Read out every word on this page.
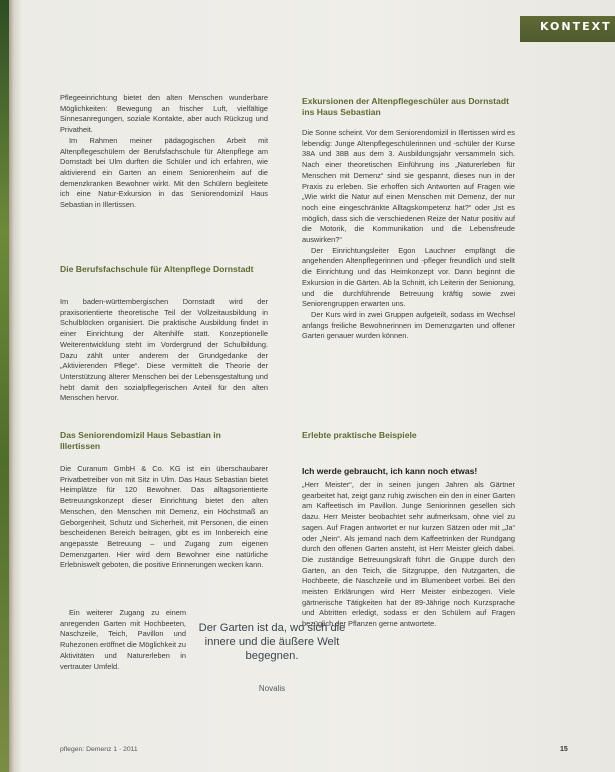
KONTEXT

Pflegeeinrichtung bietet den alten Menschen wunderbare Möglichkeiten: Bewegung an frischer Luft, vielfältige Sinnesanregungen, soziale Kontakte, aber auch Rückzug und Privatheit.

Im Rahmen meiner pädagogischen Arbeit mit Altenpflegeschülern der Berufsfachschule für Altenpflege am Dornstadt bei Ulm durften die Schüler und ich erfahren, wie aktivierend ein Garten an einem Seniorenheim auf die demenzkranken Bewohner wirkt. Mit den Schülern begleitete ich eine Natur-Exkursion in das Seniorendomizil Haus Sebastian in Illertissen.

Die Berufsfachschule für Altenpflege Dornstadt

Im baden-württembergischen Dornstadt wird der praxisorientierte theoretische Teil der Vollzeitausbildung in Schulblöcken organisiert. Die praktische Ausbildung findet in einer Einrichtung der Altenhilfe statt. Konzeptionelle Weiterentwicklung steht im Vordergrund der Schulbildung. Dazu zählt unter anderem der Grundgedanke der „Aktivierenden Pflege“. Diese vermittelt die Theorie der Unterstützung älterer Menschen bei der Lebensgestaltung und hebt damit den sozialpflegerischen Anteil für den alten Menschen hervor.

Das Seniorendomizil Haus Sebastian in Illertissen

Die Curanum GmbH & Co. KG ist ein überschaubarer Privatbetreiber von mit Sitz in Ulm. Das Haus Sebastian bietet Heimplätze für 120 Bewohner. Das alltagsorientierte Betreuungskonzept dieser Einrichtung bietet den alten Menschen, den Menschen mit Demenz, ein Höchstmaß an Geborgenheit, Schutz und Sicherheit, mit Personen, die einen bescheidenen Bereich beitragen, gibt es im Innbereich eine angepasste Betreuung – und Zugang zum eigenen Demenzgarten. Hier wird dem Bewohner eine natürliche Erlebniswelt geboten, die positive Erinnerungen wecken kann.

Ein weiterer Zugang zu einem anregenden Garten mit Hochbeeten, Naschzeile, Teich, Pavillon und Ruhezonen eröffnet die Möglichkeit zu Aktivitäten und Naturerleben in vertrauter Umfeld.

Exkursionen der Altenpflegeschüler aus Dornstadt ins Haus Sebastian

Die Sonne scheint. Vor dem Seniorendomizil in Illertissen wird es lebendig: Junge Altenpflegeschülerinnen und -schüler der Kurse 38A und 38B aus dem 3. Ausbildungsjahr versammeln sich. Nach einer theoretischen Einführung ins „Naturerleben für Menschen mit Demenz“ sind sie gespannt, dieses nun in der Praxis zu erleben. Sie erhoffen sich Antworten auf Fragen wie „Wie wirkt die Natur auf einen Menschen mit Demenz, der nur noch eine eingeschränkte Alltagskompetenz hat?“ oder „Ist es möglich, dass sich die verschiedenen Reize der Natur positiv auf die Motorik, die Kommunikation und die Lebensfreude auswirken?“

Der Einrichtungsleiter Egon Lauchner empfängt die angehenden Altenpflegerinnen und -pfleger freundlich und stellt die Einrichtung und das Heimkonzept vor. Dann beginnt die Exkursion in die Gärten. Ab la Schnitt, ich Leiterin der Seniorung, und die durchführende Betreuung kräftig sowie zwei Seniorengruppen erwarten uns.

Der Kurs wird in zwei Gruppen aufgeteilt, sodass im Wechsel anfangs freiliche Bewohnerinnen im Demenzgarten und offener Garten genauer wurden können.

Erlebte praktische Beispiele
Ich werde gebraucht, ich kann noch etwas!

„Herr Meister“, der in seinen jungen Jahren als Gärtner gearbeitet hat, zeigt ganz ruhig zwischen ein den in einer Garten am Kaffeetisch im Pavillon. Junge Seniorinnen gesellen sich dazu. Herr Meister beobachtet sehr aufmerksam, ohne viel zu sagen. Auf Fragen antwortet er nur kurzen Sätzen oder mit „Ja“ oder „Nein“. Als jemand nach dem Kaffeetrinken der Rundgang durch den offenen Garten ansteht, ist Herr Meister gleich dabei. Die zuständige Betreuungskraft führt die Gruppe durch den Garten, an den Teich, die Sitzgruppe, den Nutzgarten, die Hochbeete, die Naschzeile und im Blumenbeet vorbei. Bei den meisten Erklärungen wird Herr Meister einbezogen. Viele gärtnerische Tätigkeiten hat der 89-Jährige noch Kurzsprache und Abtritten erledigt, sodass er den Schülern auf Fragen bezüglich der Pflanzen gerne antwortete.

Der Garten ist da, wo sich die innere und die äußere Welt begegnen.
Novalis
pflegen: Demenz 1 · 2011	15
